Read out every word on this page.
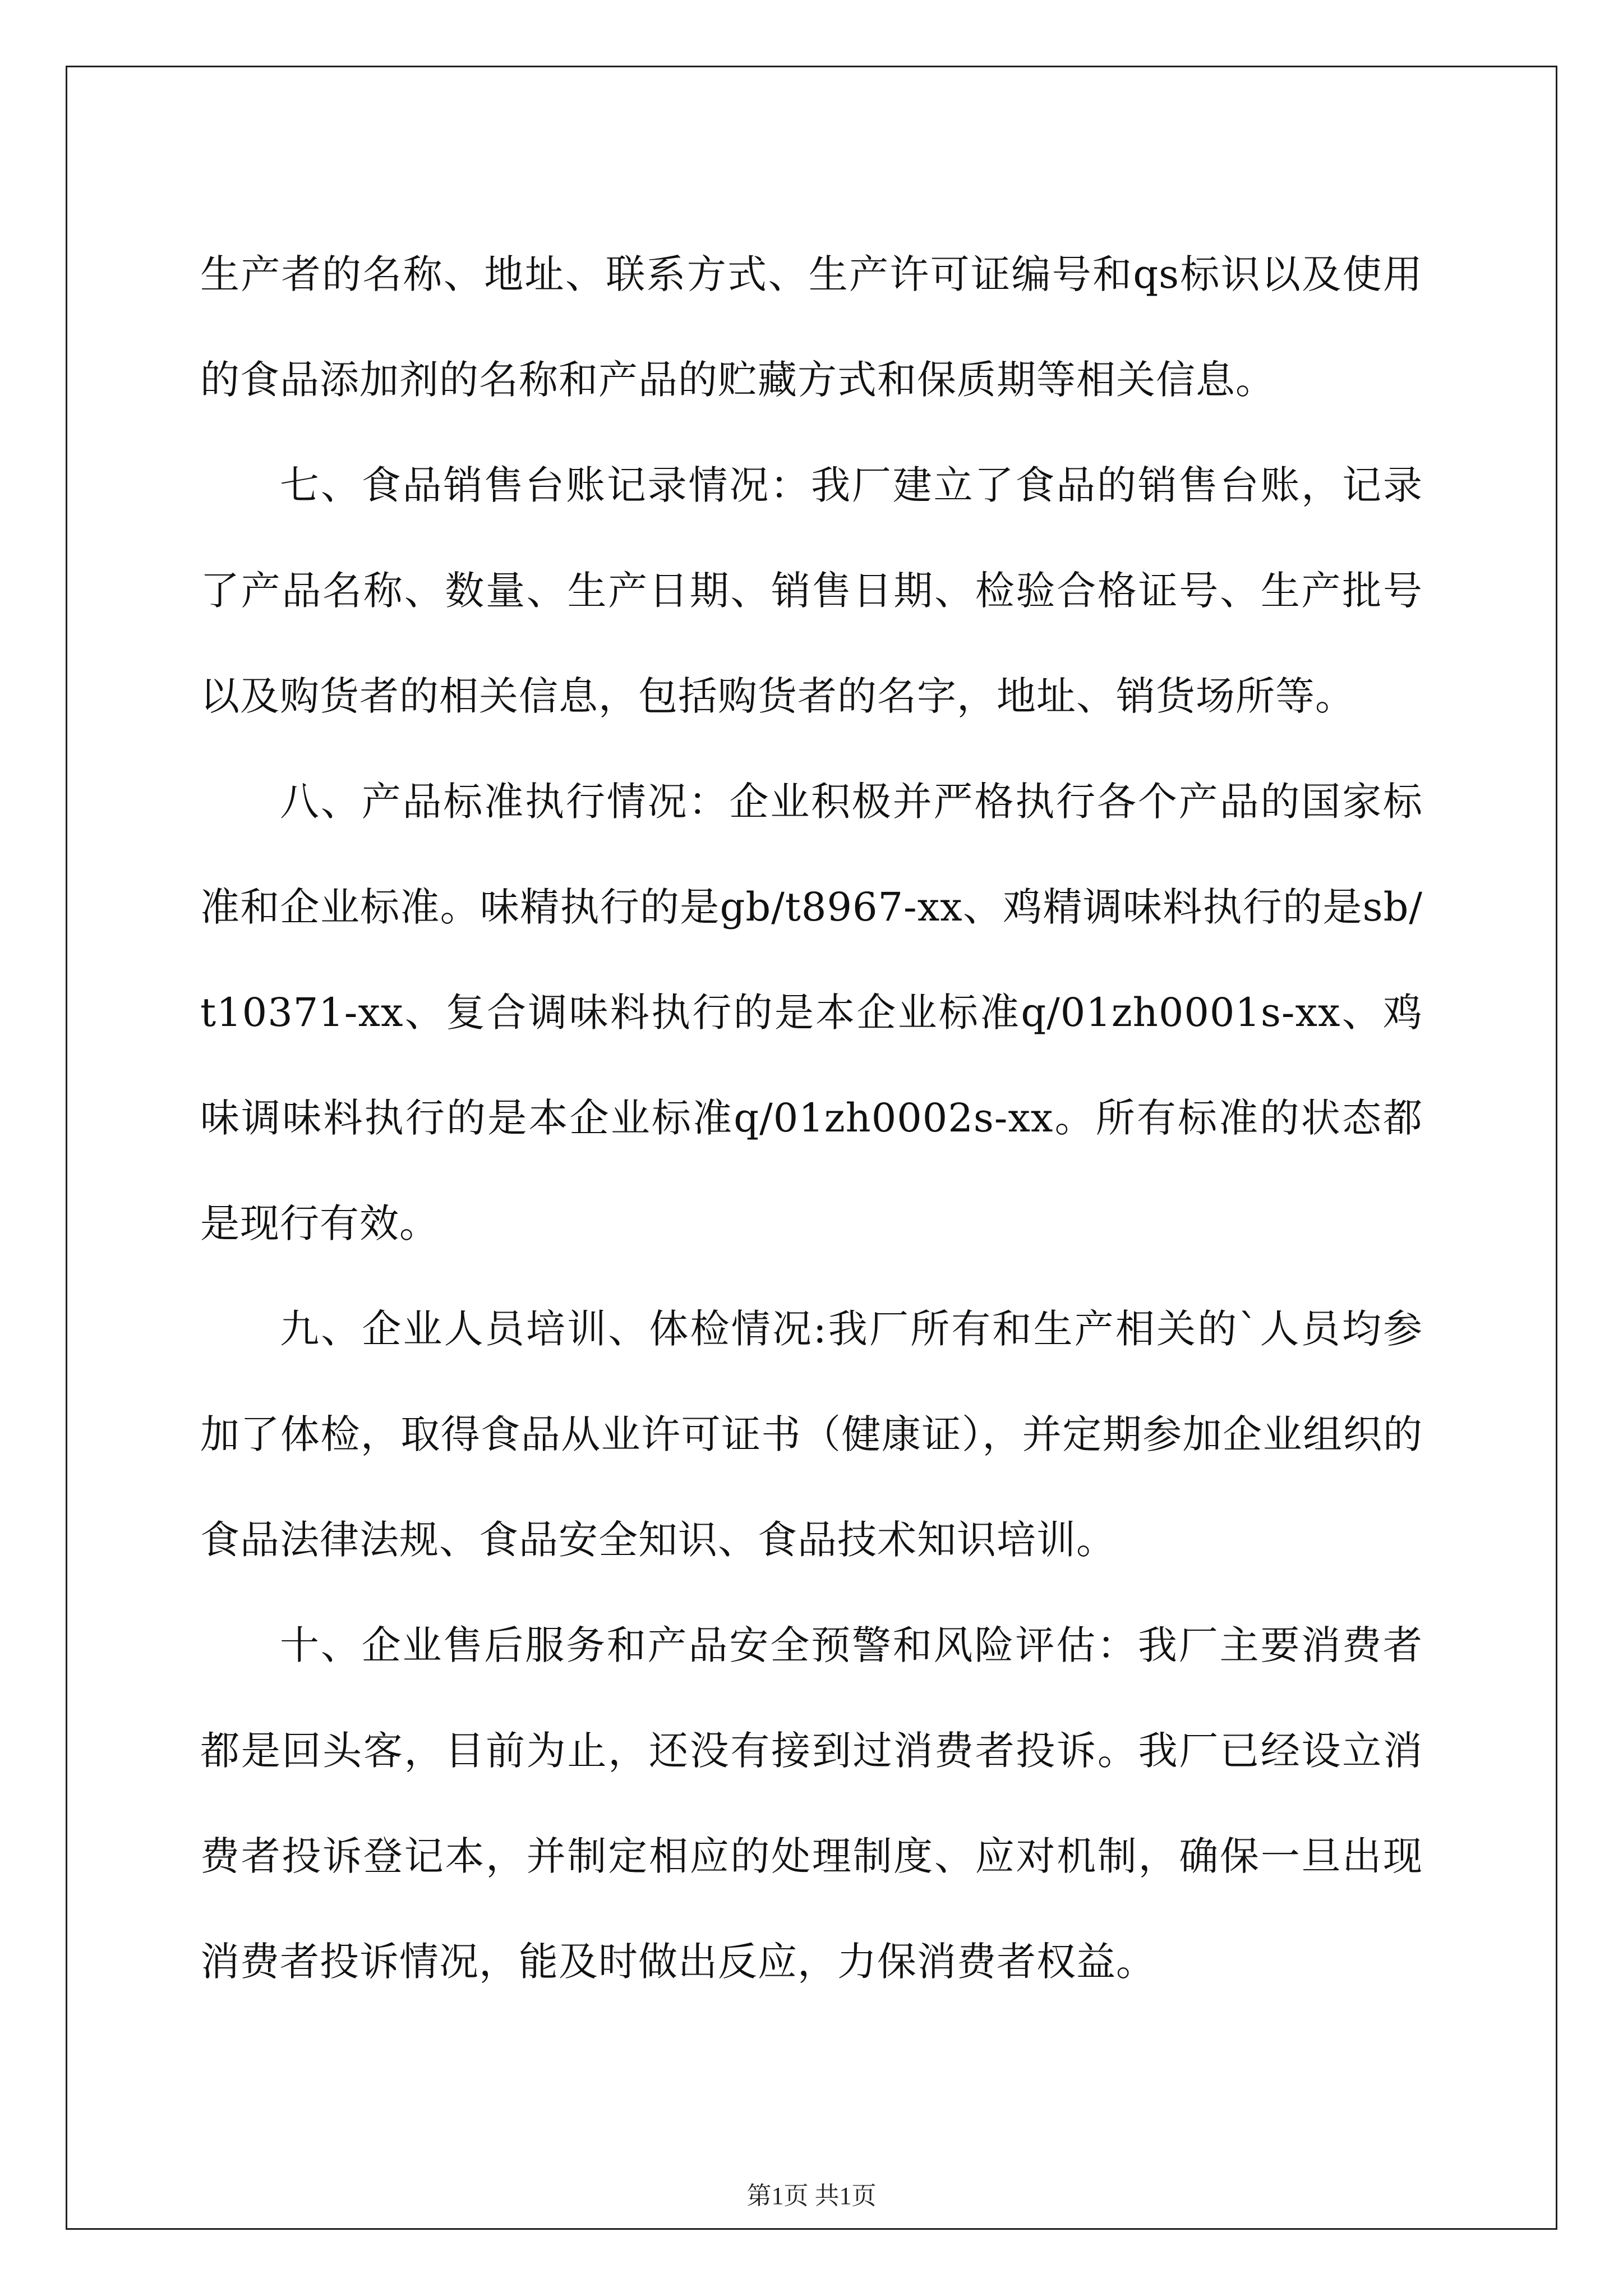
生产者的名称、地址、联系方式、生产许可证编号和qs标识以及使用的食品添加剂的名称和产品的贮藏方式和保质期等相关信息。

七、食品销售台账记录情况：我厂建立了食品的销售台账，记录了产品名称、数量、生产日期、销售日期、检验合格证号、生产批号以及购货者的相关信息，包括购货者的名字，地址、销货场所等。

八、产品标准执行情况：企业积极并严格执行各个产品的国家标准和企业标准。味精执行的是gb/t8967-xx、鸡精调味料执行的是sb/t10371-xx、复合调味料执行的是本企业标准q/01zh0001s-xx、鸡味调味料执行的是本企业标准q/01zh0002s-xx。所有标准的状态都是现行有效。

九、企业人员培训、体检情况:我厂所有和生产相关的`人员均参加了体检，取得食品从业许可证书（健康证），并定期参加企业组织的食品法律法规、食品安全知识、食品技术知识培训。

十、企业售后服务和产品安全预警和风险评估：我厂主要消费者都是回头客，目前为止，还没有接到过消费者投诉。我厂已经设立消费者投诉登记本，并制定相应的处理制度、应对机制，确保一旦出现消费者投诉情况，能及时做出反应，力保消费者权益。

第1页 共1页
